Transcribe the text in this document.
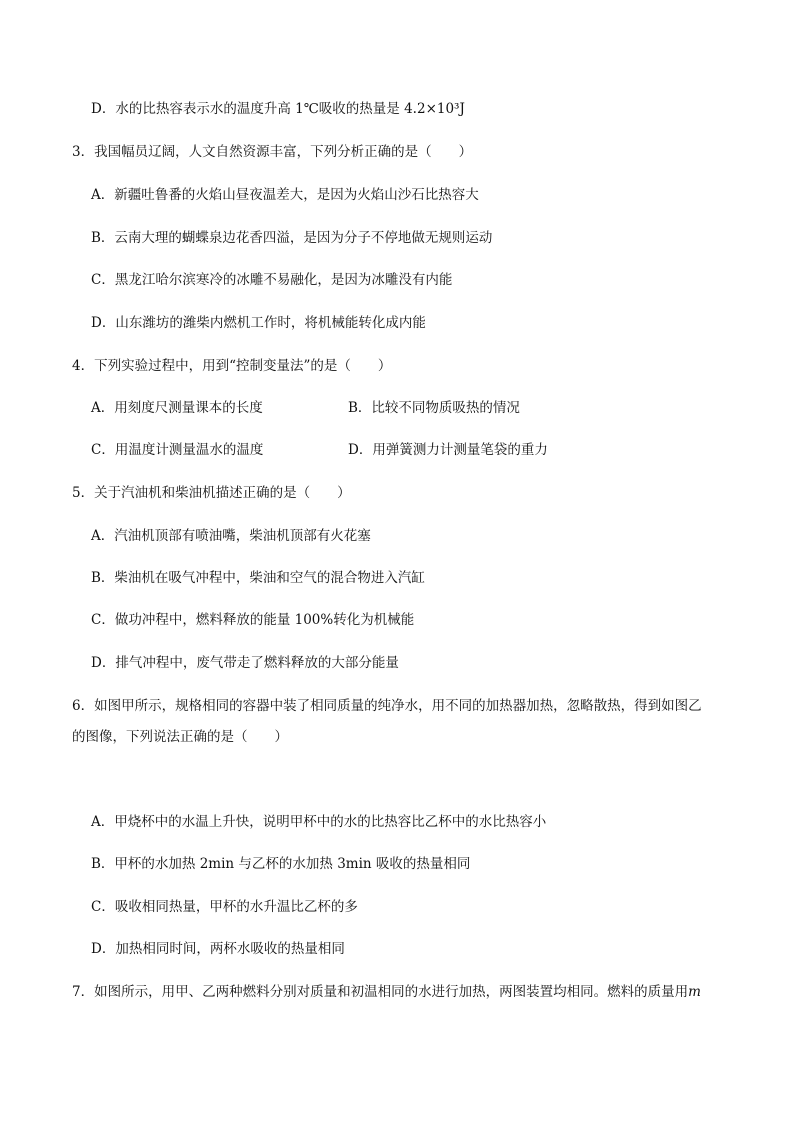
D．水的比热容表示水的温度升高 1℃吸收的热量是 4.2×10³J
3．我国幅员辽阔，人文自然资源丰富，下列分析正确的是（　　）
A．新疆吐鲁番的火焰山昼夜温差大，是因为火焰山沙石比热容大
B．云南大理的蝴蝶泉边花香四溢，是因为分子不停地做无规则运动
C．黑龙江哈尔滨寒冷的冰雕不易融化，是因为冰雕没有内能
D．山东潍坊的潍柴内燃机工作时，将机械能转化成内能
4．下列实验过程中，用到“控制变量法”的是（　　）
A．用刻度尺测量课本的长度	B．比较不同物质吸热的情况
C．用温度计测量温水的温度	D．用弹簧测力计测量笔袋的重力
5．关于汽油机和柴油机描述正确的是（　　）
A．汽油机顶部有喷油嘴，柴油机顶部有火花塞
B．柴油机在吸气冲程中，柴油和空气的混合物进入汽缸
C．做功冲程中，燃料释放的能量 100%转化为机械能
D．排气冲程中，废气带走了燃料释放的大部分能量
6．如图甲所示，规格相同的容器中装了相同质量的纯净水，用不同的加热器加热，忽略散热，得到如图乙
的图像，下列说法正确的是（　　）
A．甲烧杯中的水温上升快，说明甲杯中的水的比热容比乙杯中的水比热容小
B．甲杯的水加热 2min 与乙杯的水加热 3min 吸收的热量相同
C．吸收相同热量，甲杯的水升温比乙杯的多
D．加热相同时间，两杯水吸收的热量相同
7．如图所示，用甲、乙两种燃料分别对质量和初温相同的水进行加热，两图装置均相同。燃料的质量用m
